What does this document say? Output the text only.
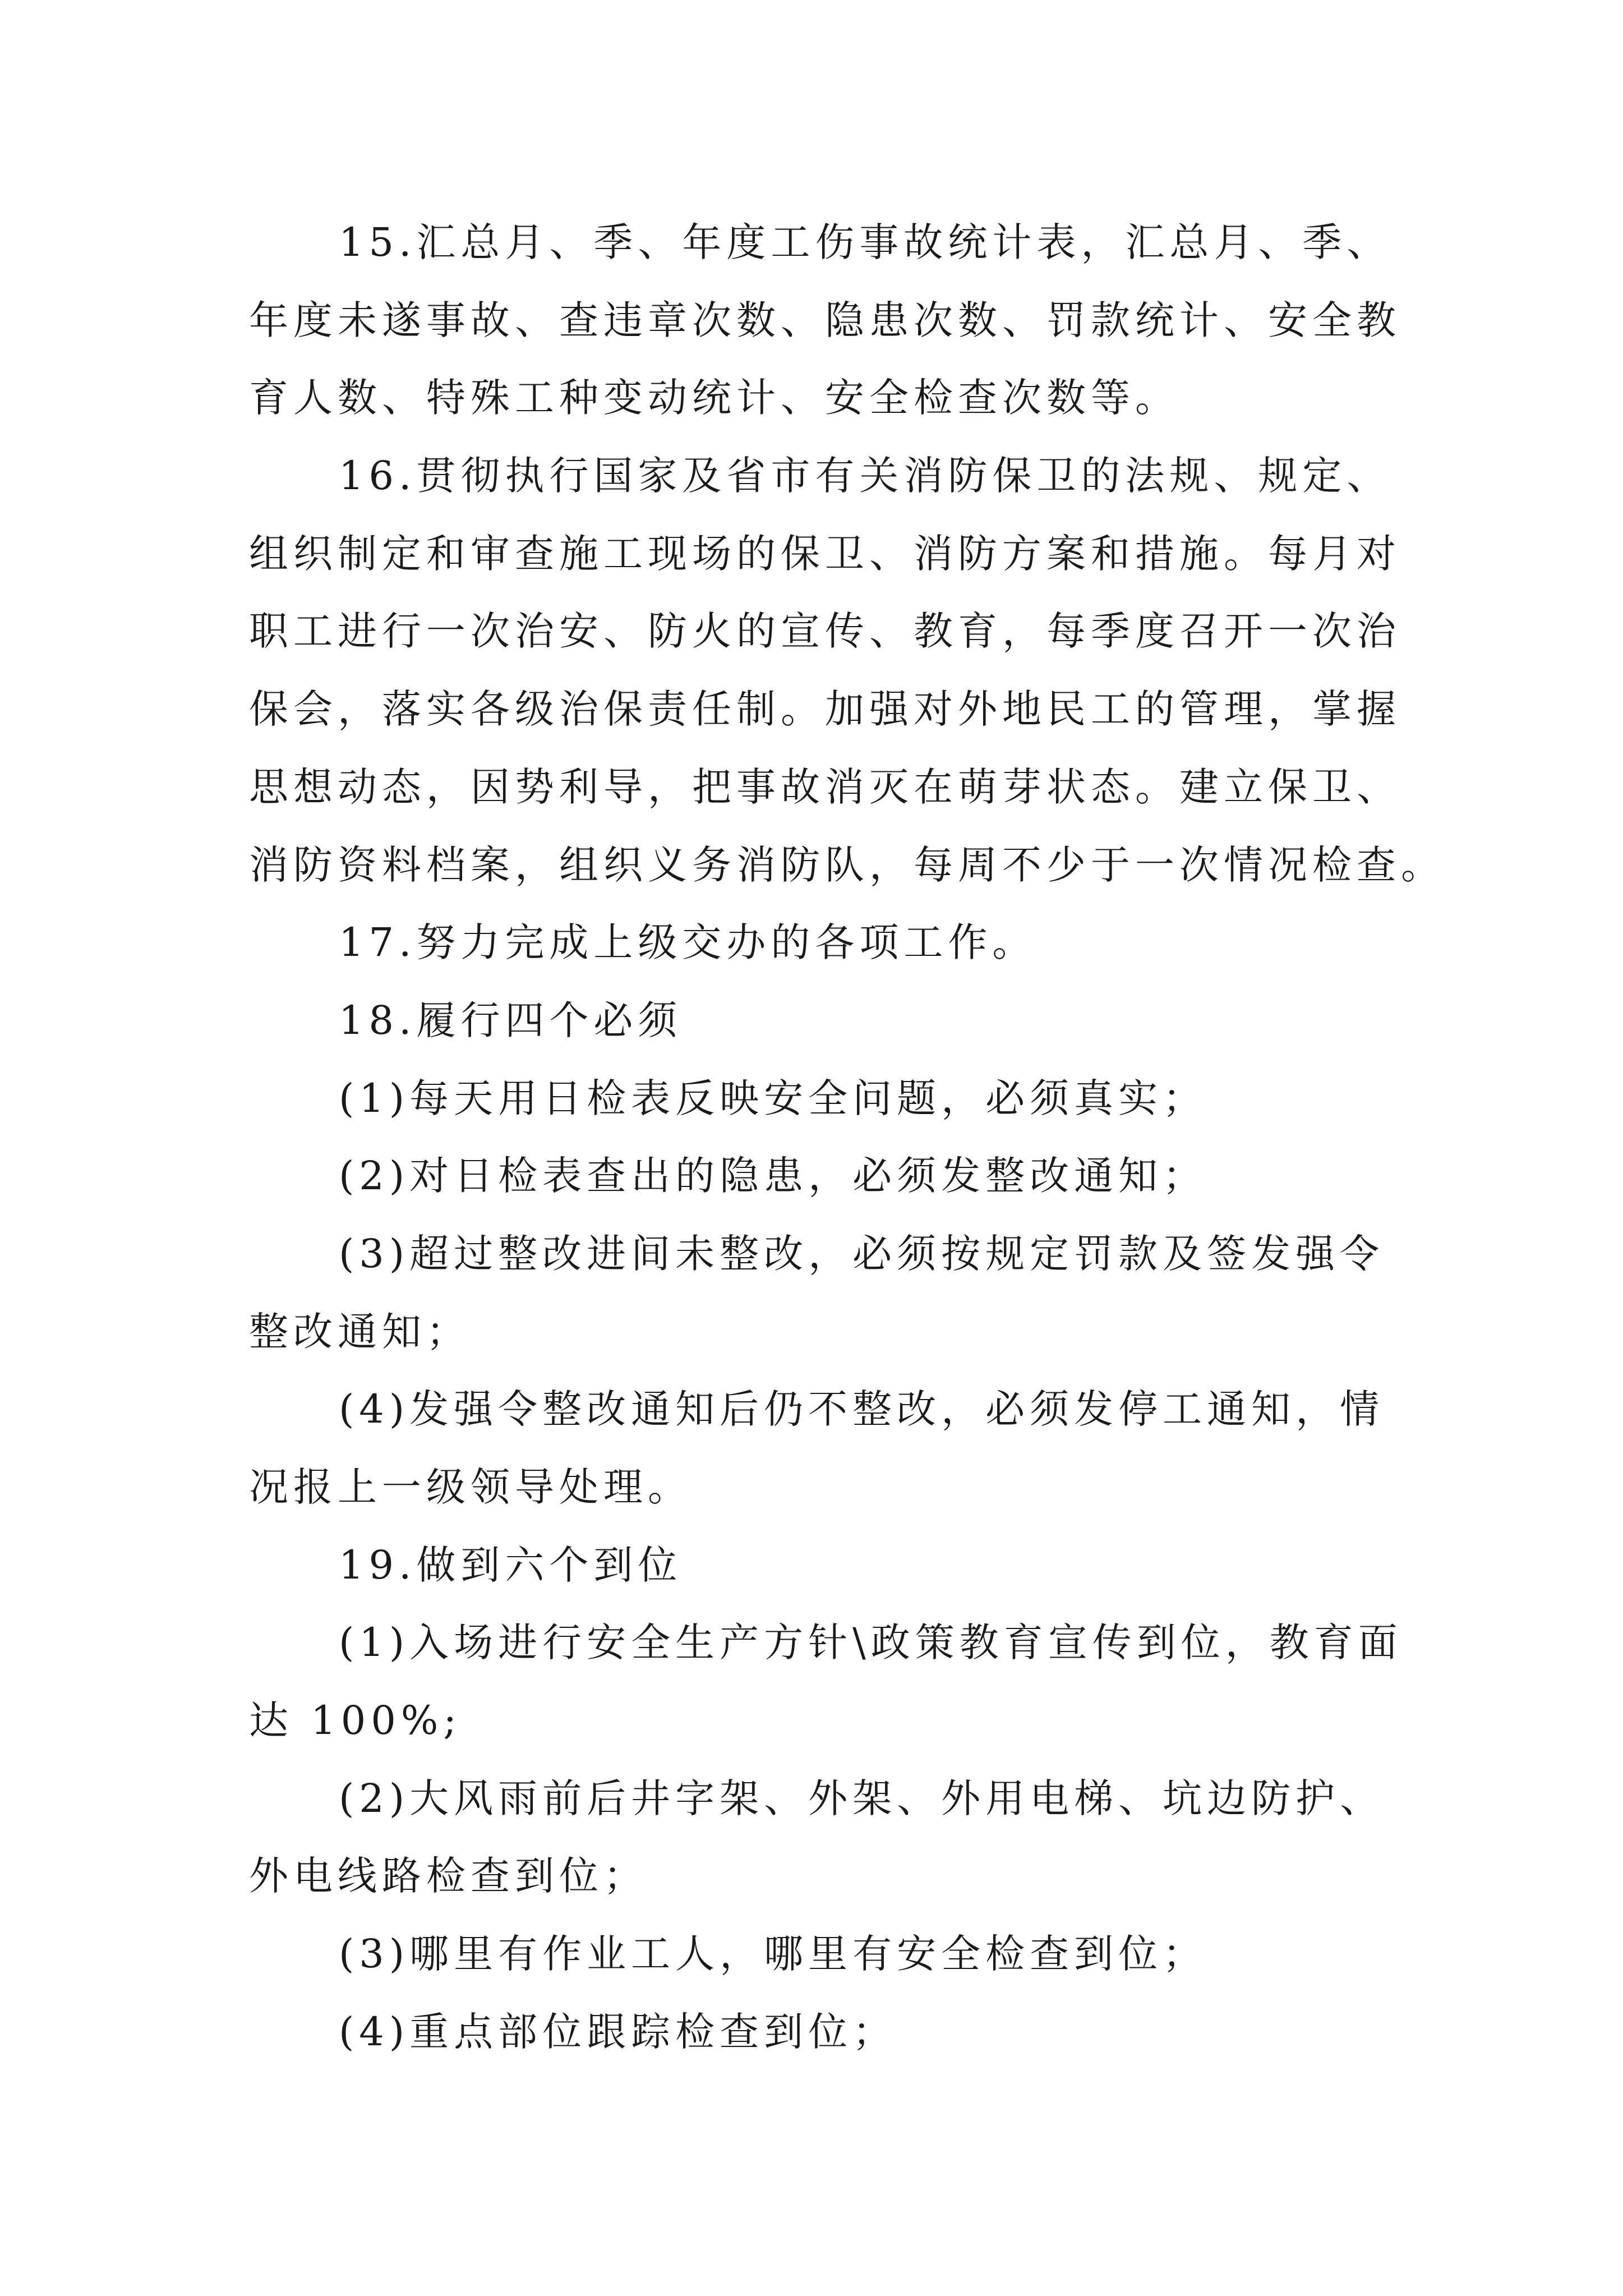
15.汇总月、季、年度工伤事故统计表，汇总月、季、
年度未遂事故、查违章次数、隐患次数、罚款统计、安全教
育人数、特殊工种变动统计、安全检查次数等。
16.贯彻执行国家及省市有关消防保卫的法规、规定、
组织制定和审查施工现场的保卫、消防方案和措施。每月对
职工进行一次治安、防火的宣传、教育，每季度召开一次治
保会，落实各级治保责任制。加强对外地民工的管理，掌握
思想动态，因势利导，把事故消灭在萌芽状态。建立保卫、
消防资料档案，组织义务消防队，每周不少于一次情况检查。
17.努力完成上级交办的各项工作。
18.履行四个必须
(1)每天用日检表反映安全问题，必须真实；
(2)对日检表查出的隐患，必须发整改通知；
(3)超过整改进间未整改，必须按规定罚款及签发强令
整改通知；
(4)发强令整改通知后仍不整改，必须发停工通知，情
况报上一级领导处理。
19.做到六个到位
(1)入场进行安全生产方针\政策教育宣传到位，教育面
达 100%;
(2)大风雨前后井字架、外架、外用电梯、坑边防护、
外电线路检查到位；
(3)哪里有作业工人，哪里有安全检查到位；
(4)重点部位跟踪检查到位；
